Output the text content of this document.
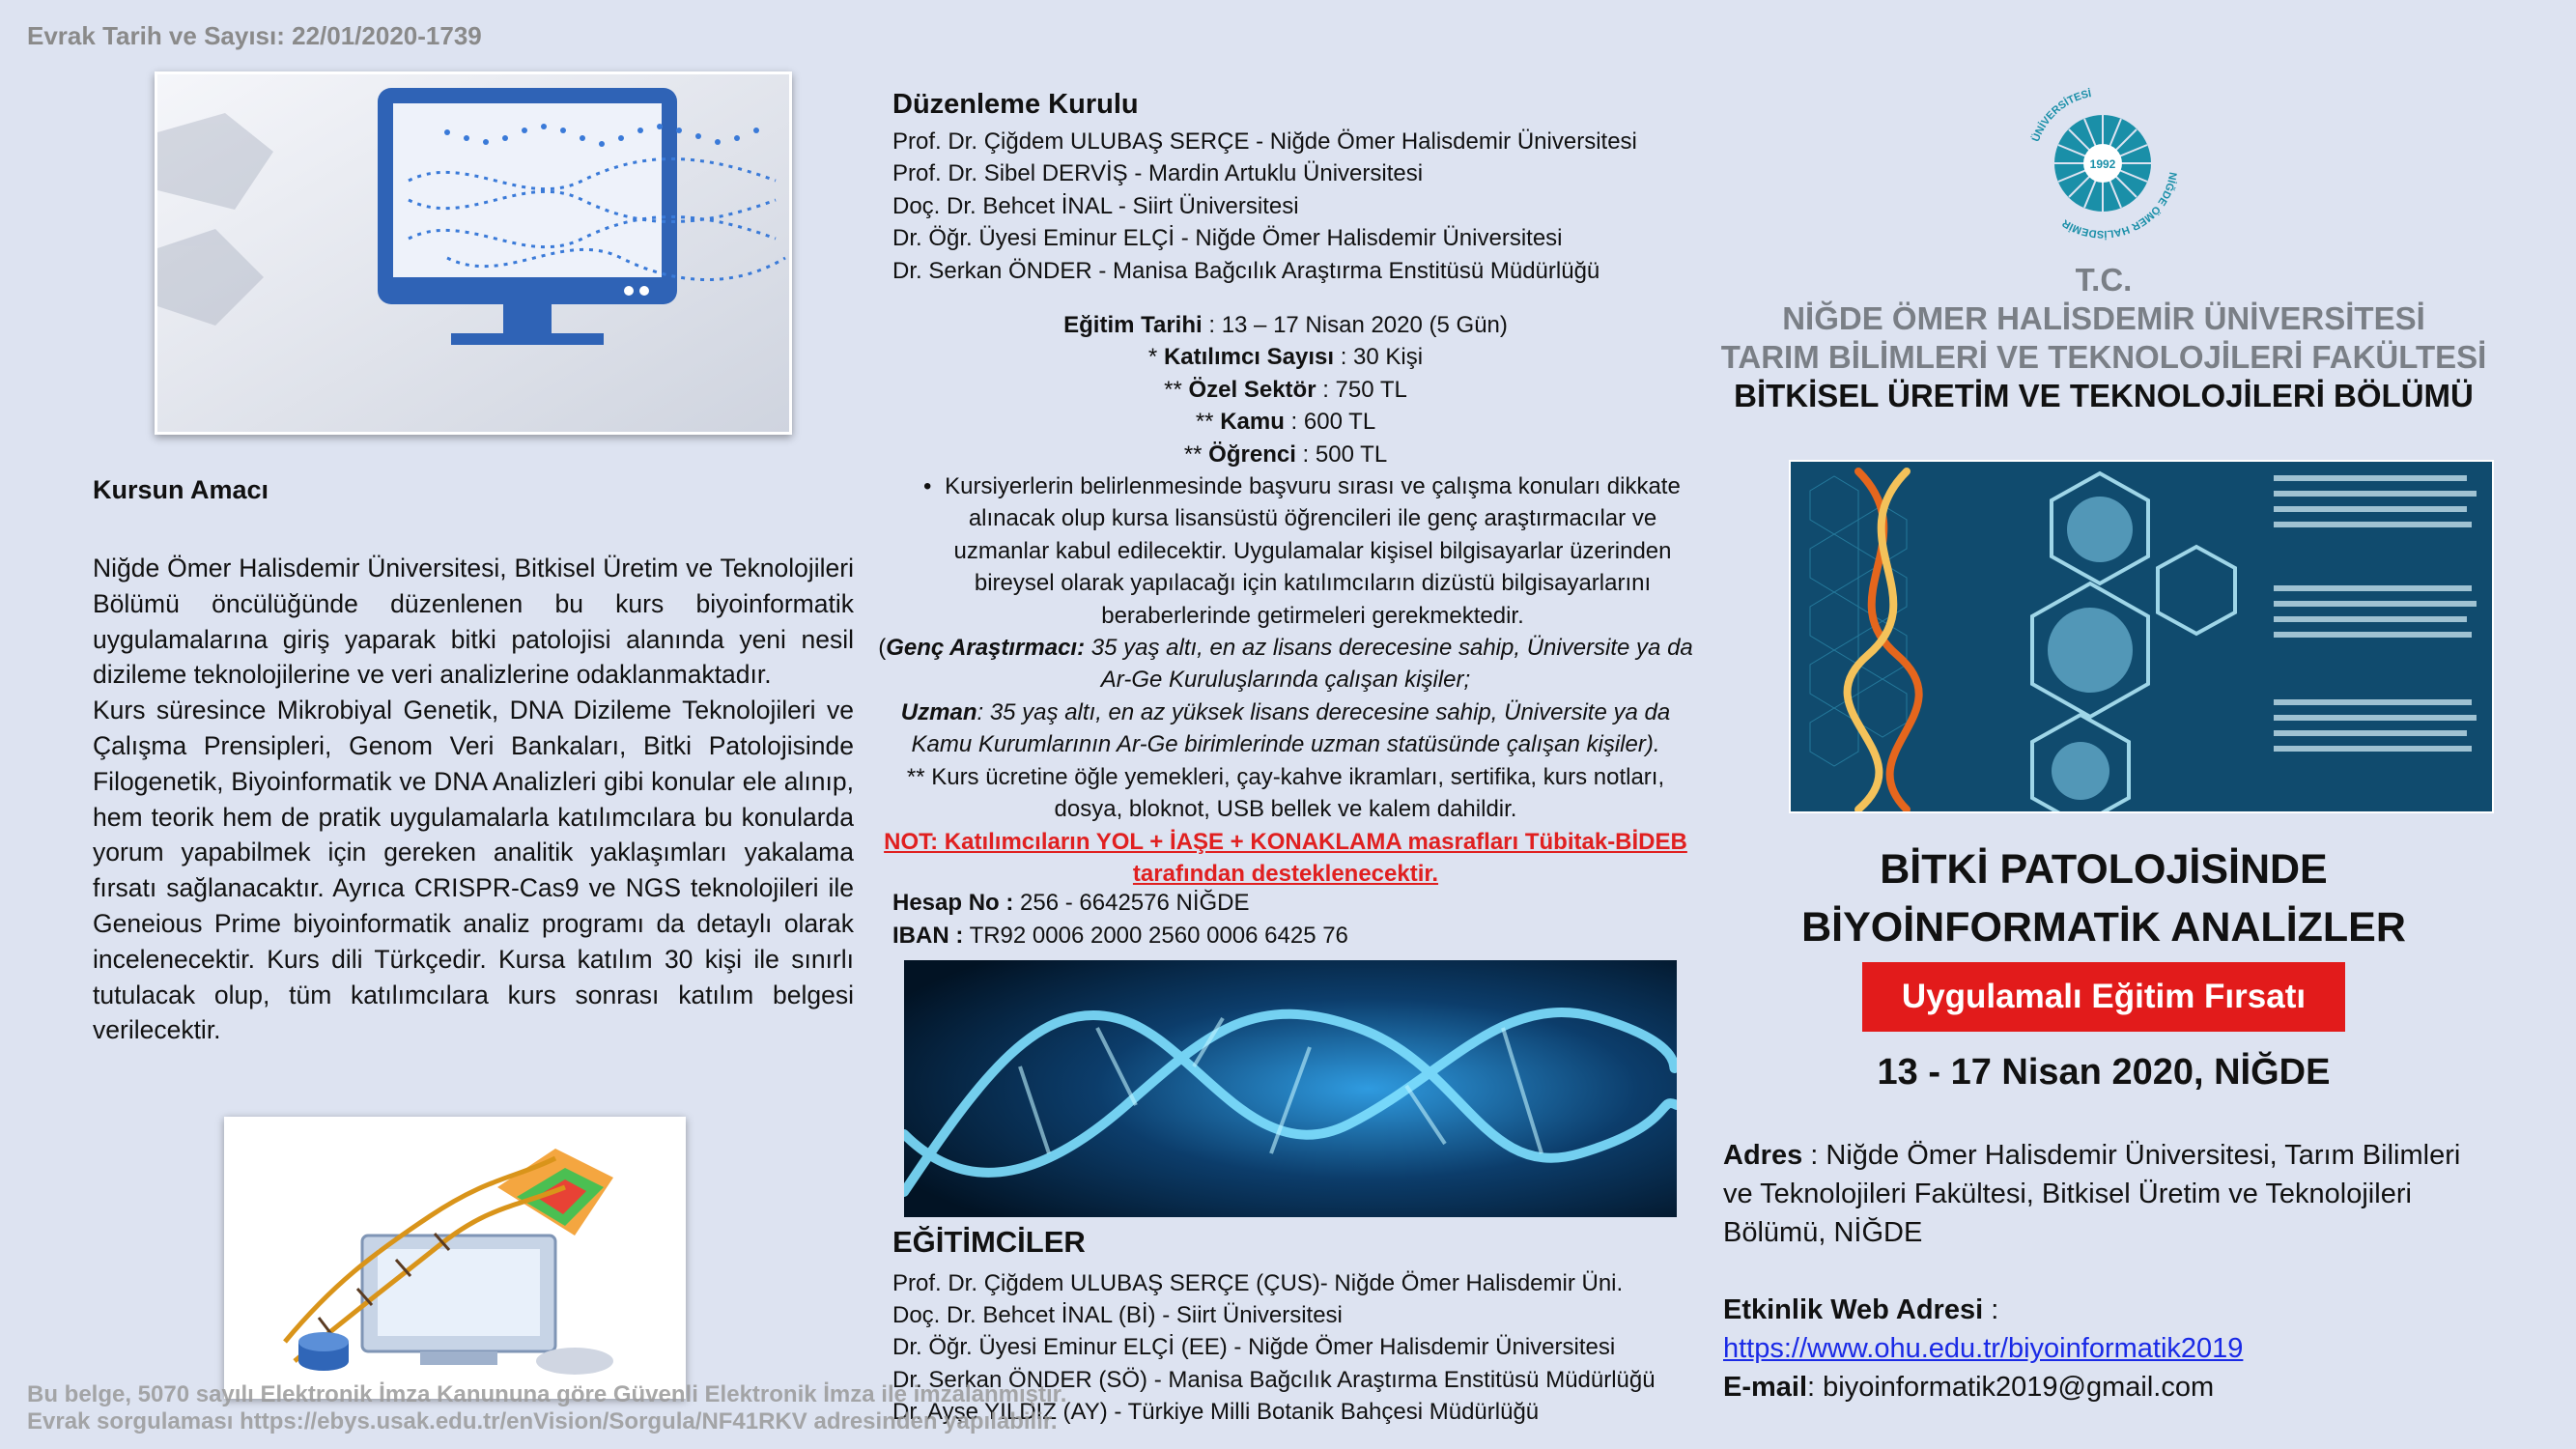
Evrak Tarih ve Sayısı: 22/01/2020-1739
Kursun Amacı

Niğde Ömer Halisdemir Üniversitesi, Bitkisel Üretim ve Teknolojileri Bölümü öncülüğünde düzenlenen bu kurs biyoinformatik uygulamalarına giriş yaparak bitki patolojisi alanında yeni nesil dizileme teknolojilerine ve veri analizlerine odaklanmaktadır.

Kurs süresince Mikrobiyal Genetik, DNA Dizileme Teknolojileri ve Çalışma Prensipleri, Genom Veri Bankaları, Bitki Patolojisinde Filogenetik, Biyoinformatik ve DNA Analizleri gibi konular ele alınıp, hem teorik hem de pratik uygulamalarla katılımcılara bu konularda yorum yapabilmek için gereken analitik yaklaşımları yakalama fırsatı sağlanacaktır. Ayrıca CRISPR-Cas9 ve NGS teknolojileri ile Geneious Prime biyoinformatik analiz programı da detaylı olarak incelenecektir. Kurs dili Türkçedir. Kursa katılım 30 kişi ile sınırlı tutulacak olup, tüm katılımcılara kurs sonrası katılım belgesi verilecektir.

Düzenleme Kurulu
Prof. Dr. Çiğdem ULUBAŞ SERÇE - Niğde Ömer Halisdemir Üniversitesi
Prof. Dr. Sibel DERVİŞ - Mardin Artuklu Üniversitesi
Doç. Dr. Behcet İNAL - Siirt Üniversitesi
Dr. Öğr. Üyesi Eminur ELÇİ - Niğde Ömer Halisdemir Üniversitesi
Dr. Serkan ÖNDER - Manisa Bağcılık Araştırma Enstitüsü Müdürlüğü
Eğitim Tarihi : 13 – 17 Nisan 2020 (5 Gün)
* Katılımcı Sayısı : 30 Kişi
** Özel Sektör : 750 TL
** Kamu : 600 TL
** Öğrenci : 500 TL
• Kursiyerlerin belirlenmesinde başvuru sırası ve çalışma konuları dikkate alınacak olup kursa lisansüstü öğrencileri ile genç araştırmacılar ve uzmanlar kabul edilecektir. Uygulamalar kişisel bilgisayarlar üzerinden bireysel olarak yapılacağı için katılımcıların dizüstü bilgisayarlarını beraberlerinde getirmeleri gerekmektedir.
(Genç Araştırmacı: 35 yaş altı, en az lisans derecesine sahip, Üniversite ya da Ar-Ge Kuruluşlarında çalışan kişiler;
Uzman: 35 yaş altı, en az yüksek lisans derecesine sahip, Üniversite ya da Kamu Kurumlarının Ar-Ge birimlerinde uzman statüsünde çalışan kişiler).
** Kurs ücretine öğle yemekleri, çay-kahve ikramları, sertifika, kurs notları, dosya, bloknot, USB bellek ve kalem dahildir.
NOT: Katılımcıların YOL + İAŞE + KONAKLAMA masrafları Tübitak-BİDEB tarafından desteklenecektir.
Hesap No : 256 - 6642576 NİĞDE
IBAN : TR92 0006 2000 2560 0006 6425 76
EĞİTİMCİLER
Prof. Dr. Çiğdem ULUBAŞ SERÇE (ÇUS)- Niğde Ömer Halisdemir Üni.
Doç. Dr. Behcet İNAL (Bİ) - Siirt Üniversitesi
Dr. Öğr. Üyesi Eminur ELÇİ (EE) - Niğde Ömer Halisdemir Üniversitesi
Dr. Serkan ÖNDER (SÖ) - Manisa Bağcılık Araştırma Enstitüsü Müdürlüğü
Dr. Ayşe YILDIZ (AY) - Türkiye Milli Botanik Bahçesi Müdürlüğü
1992
NİĞDE ÖMER HALİSDEMİR
ÜNİVERSİTESİ
T.C.
NİĞDE ÖMER HALİSDEMİR ÜNİVERSİTESİ
TARIM BİLİMLERİ VE TEKNOLOJİLERİ FAKÜLTESİ
BİTKİSEL ÜRETİM VE TEKNOLOJİLERİ BÖLÜMÜ
BİTKİ PATOLOJİSİNDE
BİYOİNFORMATİK ANALİZLER
Uygulamalı Eğitim Fırsatı
13 - 17 Nisan 2020, NİĞDE
Adres : Niğde Ömer Halisdemir Üniversitesi, Tarım Bilimleri ve Teknolojileri Fakültesi, Bitkisel Üretim ve Teknolojileri Bölümü, NİĞDE
Etkinlik Web Adresi :
https://www.ohu.edu.tr/biyoinformatik2019
E-mail: biyoinformatik2019@gmail.com
Bu belge, 5070 sayılı Elektronik İmza Kanununa göre Güvenli Elektronik İmza ile imzalanmıştır.
Evrak sorgulaması https://ebys.usak.edu.tr/enVision/Sorgula/NF41RKV adresinden yapılabilir.
